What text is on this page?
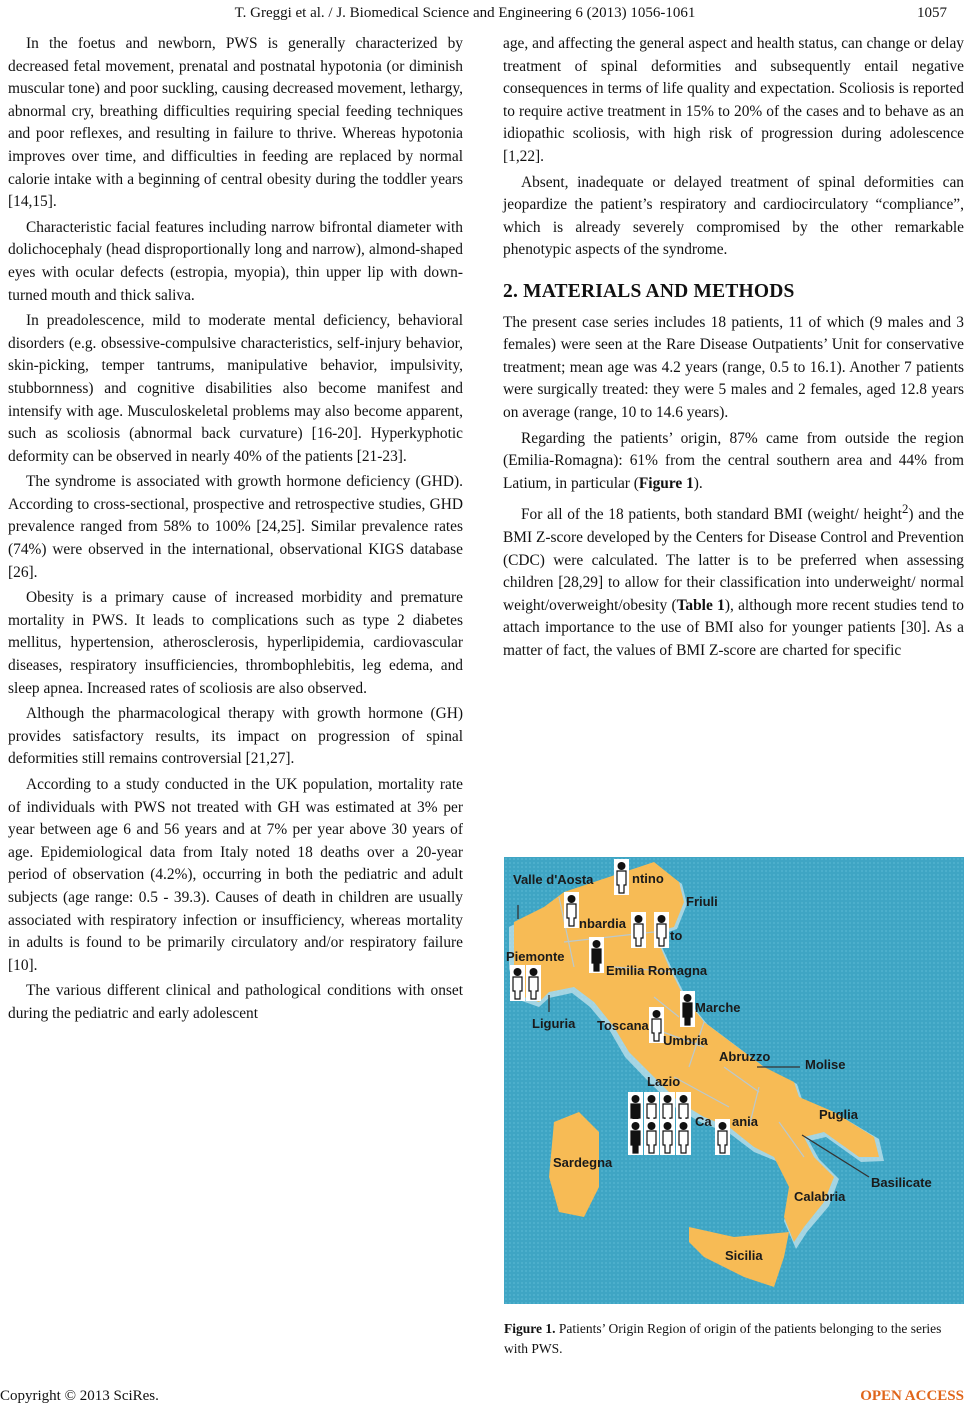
T. Greggi et al. / J. Biomedical Science and Engineering 6 (2013) 1056-1061	1057

In the foetus and newborn, PWS is generally characterized by decreased fetal movement, prenatal and postnatal hypotonia (or diminish muscular tone) and poor suckling, causing decreased movement, lethargy, abnormal cry, breathing difficulties requiring special feeding techniques and poor reflexes, and resulting in failure to thrive. Whereas hypotonia improves over time, and difficulties in feeding are replaced by normal calorie intake with a beginning of central obesity during the toddler years [14,15].

Characteristic facial features including narrow bifrontal diameter with dolichocephaly (head disproportionally long and narrow), almond-shaped eyes with ocular defects (estropia, myopia), thin upper lip with down-turned mouth and thick saliva.

In preadolescence, mild to moderate mental deficiency, behavioral disorders (e.g. obsessive-compulsive characteristics, self-injury behavior, skin-picking, temper tantrums, manipulative behavior, impulsivity, stubbornness) and cognitive disabilities also become manifest and intensify with age. Musculoskeletal problems may also become apparent, such as scoliosis (abnormal back curvature) [16-20]. Hyperkyphotic deformity can be observed in nearly 40% of the patients [21-23].

The syndrome is associated with growth hormone deficiency (GHD). According to cross-sectional, prospective and retrospective studies, GHD prevalence ranged from 58% to 100% [24,25]. Similar prevalence rates (74%) were observed in the international, observational KIGS database [26].

Obesity is a primary cause of increased morbidity and premature mortality in PWS. It leads to complications such as type 2 diabetes mellitus, hypertension, atherosclerosis, hyperlipidemia, cardiovascular diseases, respiratory insufficiencies, thrombophlebitis, leg edema, and sleep apnea. Increased rates of scoliosis are also observed.

Although the pharmacological therapy with growth hormone (GH) provides satisfactory results, its impact on progression of spinal deformities still remains controversial [21,27].

According to a study conducted in the UK population, mortality rate of individuals with PWS not treated with GH was estimated at 3% per year between age 6 and 56 years and at 7% per year above 30 years of age. Epidemiological data from Italy noted 18 deaths over a 20-year period of observation (4.2%), occurring in both the pediatric and adult subjects (age range: 0.5 - 39.3). Causes of death in children are usually associated with respiratory infection or insufficiency, whereas mortality in adults is found to be primarily circulatory and/or respiratory failure [10].

The various different clinical and pathological conditions with onset during the pediatric and early adolescent

age, and affecting the general aspect and health status, can change or delay treatment of spinal deformities and subsequently entail negative consequences in terms of life quality and expectation. Scoliosis is reported to require active treatment in 15% to 20% of the cases and to behave as an idiopathic scoliosis, with high risk of progression during adolescence [1,22].

Absent, inadequate or delayed treatment of spinal deformities can jeopardize the patient’s respiratory and cardiocirculatory “compliance”, which is already severely compromised by the other remarkable phenotypic aspects of the syndrome.

2. MATERIALS AND METHODS

The present case series includes 18 patients, 11 of which (9 males and 3 females) were seen at the Rare Disease Outpatients’ Unit for conservative treatment; mean age was 4.2 years (range, 0.5 to 16.1). Another 7 patients were surgically treated: they were 5 males and 2 females, aged 12.8 years on average (range, 10 to 14.6 years).

Regarding the patients’ origin, 87% came from outside the region (Emilia-Romagna): 61% from the central southern area and 44% from Latium, in particular (Figure 1).

For all of the 18 patients, both standard BMI (weight/ height$^2$) and the BMI Z-score developed by the Centers for Disease Control and Prevention (CDC) were calculated. The latter is to be preferred when assessing children [28,29] to allow for their classification into underweight/ normal weight/overweight/obesity (Table 1), although more recent studies tend to attach importance to the use of BMI also for younger patients [30]. As a matter of fact, the values of BMI Z-score are charted for specific

Valle d'Aosta	ntino
Friuli
nbardia
to
Piemonte
Emilia Romagna
Liguria Toscana
Marche
Umbria
Abruzzo
Molise
Lazio
Ca ania	Puglia
Sardegna
Basilicate
Calabria
Sicilia
Figure 1. Patients’ Origin Region of origin of the patients belonging to the series with PWS.
Copyright © 2013 SciRes.	OPEN ACCESS
